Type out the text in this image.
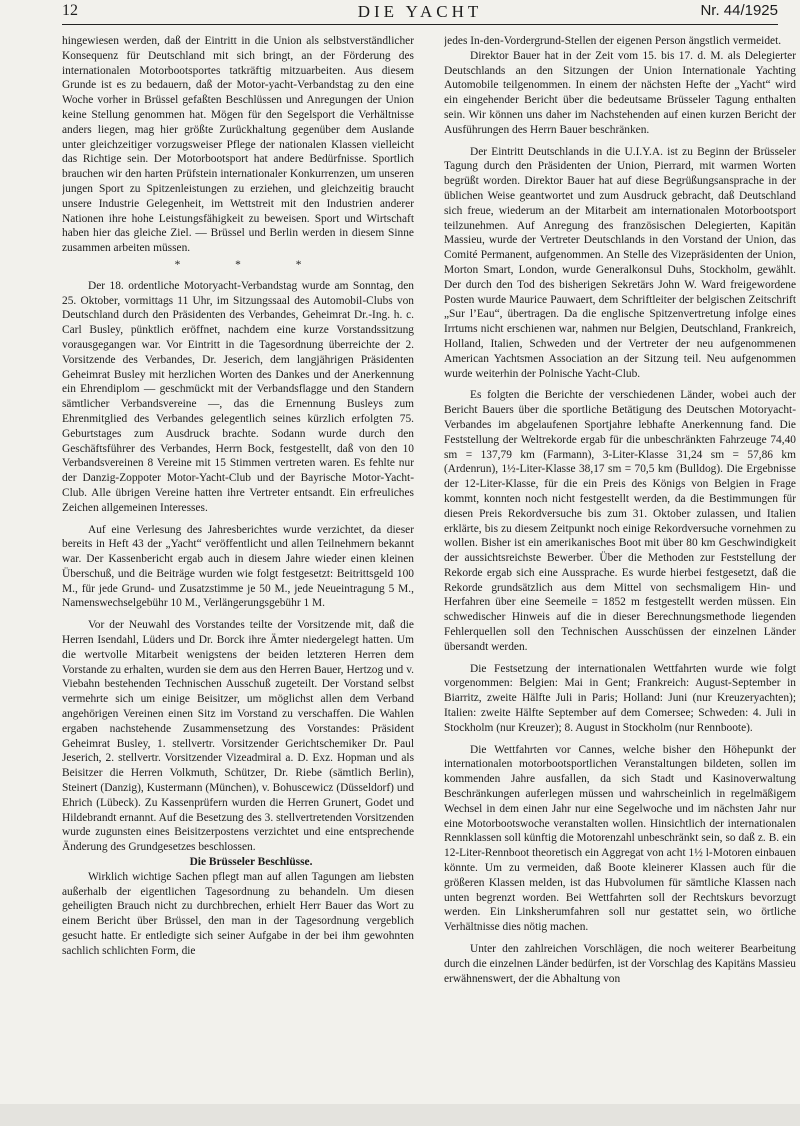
12	DIE YACHT	Nr. 44/1925

hingewiesen werden, daß der Eintritt in die Union als selbstverständlicher Konsequenz für Deutschland mit sich bringt, an der Förderung des internationalen Motorbootsportes tatkräftig mitzuarbeiten. Aus diesem Grunde ist es zu bedauern, daß der Motor-yacht-Verbandstag zu den eine Woche vorher in Brüssel gefaßten Beschlüssen und Anregungen der Union keine Stellung genommen hat. Mögen für den Segelsport die Verhältnisse anders liegen, mag hier größte Zurückhaltung gegenüber dem Auslande unter gleichzeitiger vorzugsweiser Pflege der nationalen Klassen vielleicht das Richtige sein. Der Motorbootsport hat andere Bedürfnisse. Sportlich brauchen wir den harten Prüfstein internationaler Konkurrenzen, um unseren jungen Sport zu Spitzenleistungen zu erziehen, und gleichzeitig braucht unsere Industrie Gelegenheit, im Wettstreit mit den Industrien anderer Nationen ihre hohe Leistungsfähigkeit zu beweisen. Sport und Wirtschaft haben hier das gleiche Ziel. — Brüssel und Berlin werden in diesem Sinne zusammen arbeiten müssen.

* * *

Der 18. ordentliche Motoryacht-Verbandstag wurde am Sonntag, den 25. Oktober, vormittags 11 Uhr, im Sitzungssaal des Automobil-Clubs von Deutschland durch den Präsidenten des Verbandes, Geheimrat Dr.-Ing. h. c. Carl Busley, pünktlich eröffnet, nachdem eine kurze Vorstandssitzung vorausgegangen war. Vor Eintritt in die Tagesordnung überreichte der 2. Vorsitzende des Verbandes, Dr. Jeserich, dem langjährigen Präsidenten Geheimrat Busley mit herzlichen Worten des Dankes und der Anerkennung ein Ehrendiplom — geschmückt mit der Verbandsflagge und den Standern sämtlicher Verbandsvereine —, das die Ernennung Busleys zum Ehrenmitglied des Verbandes gelegentlich seines kürzlich erfolgten 75. Geburtstages zum Ausdruck brachte. Sodann wurde durch den Geschäftsführer des Verbandes, Herrn Bock, festgestellt, daß von den 10 Verbandsvereinen 8 Vereine mit 15 Stimmen vertreten waren. Es fehlte nur der Danzig-Zoppoter Motor-Yacht-Club und der Bayrische Motor-Yacht-Club. Alle übrigen Vereine hatten ihre Vertreter entsandt. Ein erfreuliches Zeichen allgemeinen Interesses.

Auf eine Verlesung des Jahresberichtes wurde verzichtet, da dieser bereits in Heft 43 der „Yacht“ veröffentlicht und allen Teilnehmern bekannt war. Der Kassenbericht ergab auch in diesem Jahre wieder einen kleinen Überschuß, und die Beiträge wurden wie folgt festgesetzt: Beitrittsgeld 100 M., für jede Grund- und Zusatzstimme je 50 M., jede Neueintragung 5 M., Namenswechselgebühr 10 M., Verlängerungsgebühr 1 M.

Vor der Neuwahl des Vorstandes teilte der Vorsitzende mit, daß die Herren Isendahl, Lüders und Dr. Borck ihre Ämter niedergelegt hatten. Um die wertvolle Mitarbeit wenigstens der beiden letzteren Herren dem Vorstande zu erhalten, wurden sie dem aus den Herren Bauer, Hertzog und v. Viebahn bestehenden Technischen Ausschuß zugeteilt. Der Vorstand selbst vermehrte sich um einige Beisitzer, um möglichst allen dem Verband angehörigen Vereinen einen Sitz im Vorstand zu verschaffen. Die Wahlen ergaben nachstehende Zusammensetzung des Vorstandes: Präsident Geheimrat Busley, 1. stellvertr. Vorsitzender Gerichtschemiker Dr. Paul Jeserich, 2. stellvertr. Vorsitzender Vizeadmiral a. D. Exz. Hopman und als Beisitzer die Herren Volkmuth, Schützer, Dr. Riebe (sämtlich Berlin), Steinert (Danzig), Kustermann (München), v. Bohuscewicz (Düsseldorf) und Ehrich (Lübeck). Zu Kassenprüfern wurden die Herren Grunert, Godet und Hildebrandt ernannt. Auf die Besetzung des 3. stellvertretenden Vorsitzenden wurde zugunsten eines Beisitzerpostens verzichtet und eine entsprechende Änderung des Grundgesetzes beschlossen.

Die Brüsseler Beschlüsse.

Wirklich wichtige Sachen pflegt man auf allen Tagungen am liebsten außerhalb der eigentlichen Tagesordnung zu behandeln. Um diesen geheiligten Brauch nicht zu durchbrechen, erhielt Herr Bauer das Wort zu einem Bericht über Brüssel, den man in der Tagesordnung vergeblich gesucht hatte. Er entledigte sich seiner Aufgabe in der bei ihm gewohnten sachlich schlichten Form, die

jedes In-den-Vordergrund-Stellen der eigenen Person ängstlich vermeidet.

Direktor Bauer hat in der Zeit vom 15. bis 17. d. M. als Delegierter Deutschlands an den Sitzungen der Union Internationale Yachting Automobile teilgenommen. In einem der nächsten Hefte der „Yacht“ wird ein eingehender Bericht über die bedeutsame Brüsseler Tagung enthalten sein. Wir können uns daher im Nachstehenden auf einen kurzen Bericht der Ausführungen des Herrn Bauer beschränken.

Der Eintritt Deutschlands in die U.I.Y.A. ist zu Beginn der Brüsseler Tagung durch den Präsidenten der Union, Pierrard, mit warmen Worten begrüßt worden. Direktor Bauer hat auf diese Begrüßungsansprache in der üblichen Weise geantwortet und zum Ausdruck gebracht, daß Deutschland sich freue, wiederum an der Mitarbeit am internationalen Motorbootsport teilzunehmen. Auf Anregung des französischen Delegierten, Kapitän Massieu, wurde der Vertreter Deutschlands in den Vorstand der Union, das Comité Permanent, aufgenommen. An Stelle des Vizepräsidenten der Union, Morton Smart, London, wurde Generalkonsul Duhs, Stockholm, gewählt. Der durch den Tod des bisherigen Sekretärs John W. Ward freigewordene Posten wurde Maurice Pauwaert, dem Schriftleiter der belgischen Zeitschrift „Sur l’Eau“, übertragen. Da die englische Spitzenvertretung infolge eines Irrtums nicht erschienen war, nahmen nur Belgien, Deutschland, Frankreich, Holland, Italien, Schweden und der Vertreter der neu aufgenommenen American Yachtsmen Association an der Sitzung teil. Neu aufgenommen wurde weiterhin der Polnische Yacht-Club.

Es folgten die Berichte der verschiedenen Länder, wobei auch der Bericht Bauers über die sportliche Betätigung des Deutschen Motoryacht-Verbandes im abgelaufenen Sportjahre lebhafte Anerkennung fand. Die Feststellung der Weltrekorde ergab für die unbeschränkten Fahrzeuge 74,40 sm = 137,79 km (Farmann), 3-Liter-Klasse 31,24 sm = 57,86 km (Ardenrun), 1½-Liter-Klasse 38,17 sm = 70,5 km (Bulldog). Die Ergebnisse der 12-Liter-Klasse, für die ein Preis des Königs von Belgien in Frage kommt, konnten noch nicht festgestellt werden, da die Bestimmungen für diesen Preis Rekordversuche bis zum 31. Oktober zulassen, und Italien erklärte, bis zu diesem Zeitpunkt noch einige Rekordversuche vornehmen zu wollen. Bisher ist ein amerikanisches Boot mit über 80 km Geschwindigkeit der aussichtsreichste Bewerber. Über die Methoden zur Feststellung der Rekorde ergab sich eine Aussprache. Es wurde hierbei festgesetzt, daß die Rekorde grundsätzlich aus dem Mittel von sechsmaligem Hin- und Herfahren über eine Seemeile = 1852 m festgestellt werden müssen. Ein schwedischer Hinweis auf die in dieser Berechnungsmethode liegenden Fehlerquellen soll den Technischen Ausschüssen der einzelnen Länder übersandt werden.

Die Festsetzung der internationalen Wettfahrten wurde wie folgt vorgenommen: Belgien: Mai in Gent; Frankreich: August-September in Biarritz, zweite Hälfte Juli in Paris; Holland: Juni (nur Kreuzeryachten); Italien: zweite Hälfte September auf dem Comersee; Schweden: 4. Juli in Stockholm (nur Kreuzer); 8. August in Stockholm (nur Rennboote).

Die Wettfahrten vor Cannes, welche bisher den Höhepunkt der internationalen motorbootsportlichen Veranstaltungen bildeten, sollen im kommenden Jahre ausfallen, da sich Stadt und Kasinoverwaltung Beschränkungen auferlegen müssen und wahrscheinlich in regelmäßigem Wechsel in dem einen Jahr nur eine Segelwoche und im nächsten Jahr nur eine Motorbootswoche veranstalten wollen. Hinsichtlich der internationalen Rennklassen soll künftig die Motorenzahl unbeschränkt sein, so daß z. B. ein 12-Liter-Rennboot theoretisch ein Aggregat von acht 1½ l-Motoren einbauen könnte. Um zu vermeiden, daß Boote kleinerer Klassen auch für die größeren Klassen melden, ist das Hubvolumen für sämtliche Klassen nach unten begrenzt worden. Bei Wettfahrten soll der Rechtskurs bevorzugt werden. Ein Linksherumfahren soll nur gestattet sein, wo örtliche Verhältnisse dies nötig machen.

Unter den zahlreichen Vorschlägen, die noch weiterer Bearbeitung durch die einzelnen Länder bedürfen, ist der Vorschlag des Kapitäns Massieu erwähnenswert, der die Abhaltung von
